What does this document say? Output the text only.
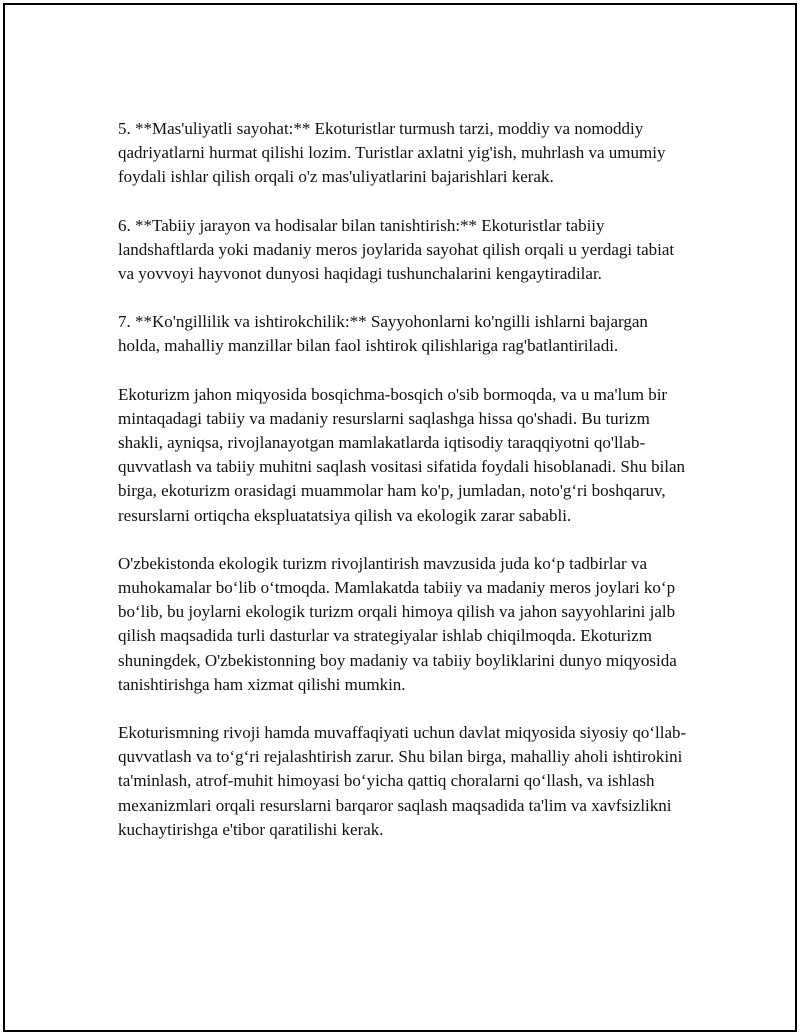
5. **Mas'uliyatli sayohat:** Ekoturistlar turmush tarzi, moddiy va nomoddiy qadriyatlarni hurmat qilishi lozim. Turistlar axlatni yig'ish, muhrlash va umumiy foydali ishlar qilish orqali o'z mas'uliyatlarini bajarishlari kerak.

6. **Tabiiy jarayon va hodisalar bilan tanishtirish:** Ekoturistlar tabiiy landshaftlarda yoki madaniy meros joylarida sayohat qilish orqali u yerdagi tabiat va yovvoyi hayvonot dunyosi haqidagi tushunchalarini kengaytiradilar.

7. **Ko'ngillilik va ishtirokchilik:** Sayyohonlarni ko'ngilli ishlarni bajargan holda, mahalliy manzillar bilan faol ishtirok qilishlariga rag'batlantiriladi.

Ekoturizm jahon miqyosida bosqichma-bosqich o'sib bormoqda, va u ma'lum bir mintaqadagi tabiiy va madaniy resurslarni saqlashga hissa qo'shadi. Bu turizm shakli, ayniqsa, rivojlanayotgan mamlakatlarda iqtisodiy taraqqiyotni qo'llab-quvvatlash va tabiiy muhitni saqlash vositasi sifatida foydali hisoblanadi. Shu bilan birga, ekoturizm orasidagi muammolar ham ko'p, jumladan, noto'g‘ri boshqaruv, resurslarni ortiqcha ekspluatatsiya qilish va ekologik zarar sababli.

O'zbekistonda ekologik turizm rivojlantirish mavzusida juda ko‘p tadbirlar va muhokamalar bo‘lib o‘tmoqda. Mamlakatda tabiiy va madaniy meros joylari ko‘p bo‘lib, bu joylarni ekologik turizm orqali himoya qilish va jahon sayyohlarini jalb qilish maqsadida turli dasturlar va strategiyalar ishlab chiqilmoqda. Ekoturizm shuningdek, O'zbekistonning boy madaniy va tabiiy boyliklarini dunyo miqyosida tanishtirishga ham xizmat qilishi mumkin.

Ekoturismning rivoji hamda muvaffaqiyati uchun davlat miqyosida siyosiy qo‘llab-quvvatlash va to‘g‘ri rejalashtirish zarur. Shu bilan birga, mahalliy aholi ishtirokini ta'minlash, atrof-muhit himoyasi bo‘yicha qattiq choralarni qo‘llash, va ishlash mexanizmlari orqali resurslarni barqaror saqlash maqsadida ta'lim va xavfsizlikni kuchaytirishga e'tibor qaratilishi kerak.
